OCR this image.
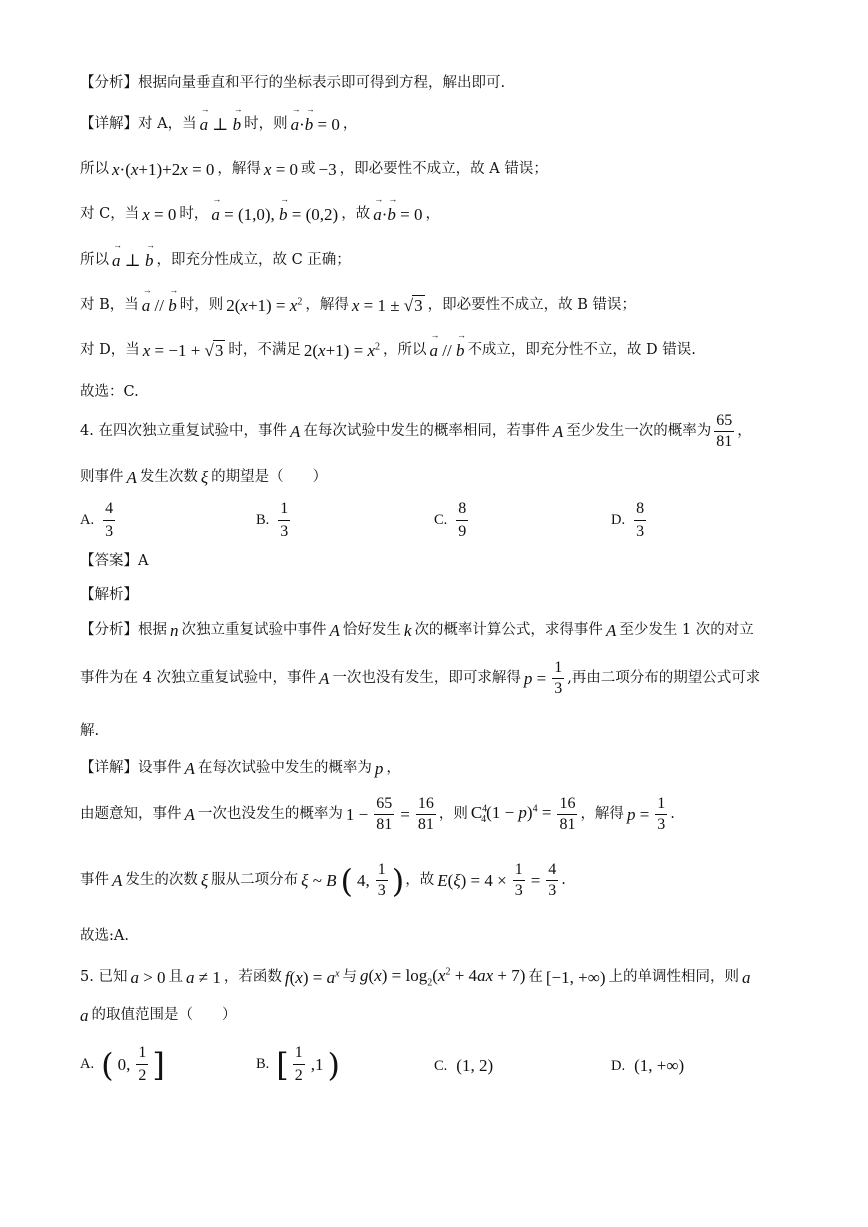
【分析】根据向量垂直和平行的坐标表示即可得到方程，解出即可.
【详解】对 A，当 → a ⊥ → b 时，则 → a·→ b = 0 ，
所以 x·(x+1)+2x = 0 ，解得 x = 0 或 −3 ，即必要性不成立，故 A 错误；
对 C，当 x = 0 时， → a = (1,0), → b = (0,2) ，故 → a·→ b = 0 ，
所以 → a ⊥ → b ，即充分性成立，故 C 正确；
对 B，当 → a // → b 时，则 $2(x+1) = x^2$ ，解得 x = 1 ± √3 ，即必要性不成立，故 B 错误；
对 D，当 x = −1 + √3 时，不满足 $2(x+1) = x^2$ ，所以 → a // → b 不成立，即充分性不立，故 D 错误.
故选：C.
4. 在四次独立重复试验中，事件 A 在每次试验中发生的概率相同，若事件 A 至少发生一次的概率为 $\frac{65}{81}$ ，
则事件 A 发生次数 ξ 的期望是（　　）
A. $\frac{4}{3}$	B. $\frac{1}{3}$	C. $\frac{8}{9}$	D. $\frac{8}{3}$
【答案】A
【解析】
【分析】根据 n 次独立重复试验中事件 A 恰好发生 k 次的概率计算公式，求得事件 A 至少发生 1 次的对立
事件为在 4 次独立重复试验中，事件 A 一次也没有发生，即可求解得 $p = \frac{1}{3}$ ,再由二项分布的期望公式可求
解.
【详解】设事件 A 在每次试验中发生的概率为 p ，
由题意知，事件 A 一次也没发生的概率为 $1 - \frac{65}{81} = \frac{16}{81}$ ，则 $C^4_4(1 - p)^4 = \frac{16}{81}$ ，解得 $p = \frac{1}{3}$ .
事件 A 发生的次数 ξ 服从二项分布 ξ ~ B ( 4, $\frac{1}{3}$ ) ，故 $E(\xi) = 4 \times \frac{1}{3} = \frac{4}{3}$ .
故选:A.
5. 已知 a > 0 且 a ≠ 1 ，若函数 $f(x) = a^x$ 与 $g(x) = \log_2(x^2 + 4ax + 7)$ 在 [−1, +∞) 上的单调性相同，则 a
a 的取值范围是（　　）
A. ( 0, $\frac{1}{2}$ ]	B. [ $\frac{1}{2} ,1$ )	C. (1, 2)	D. (1, +∞)
